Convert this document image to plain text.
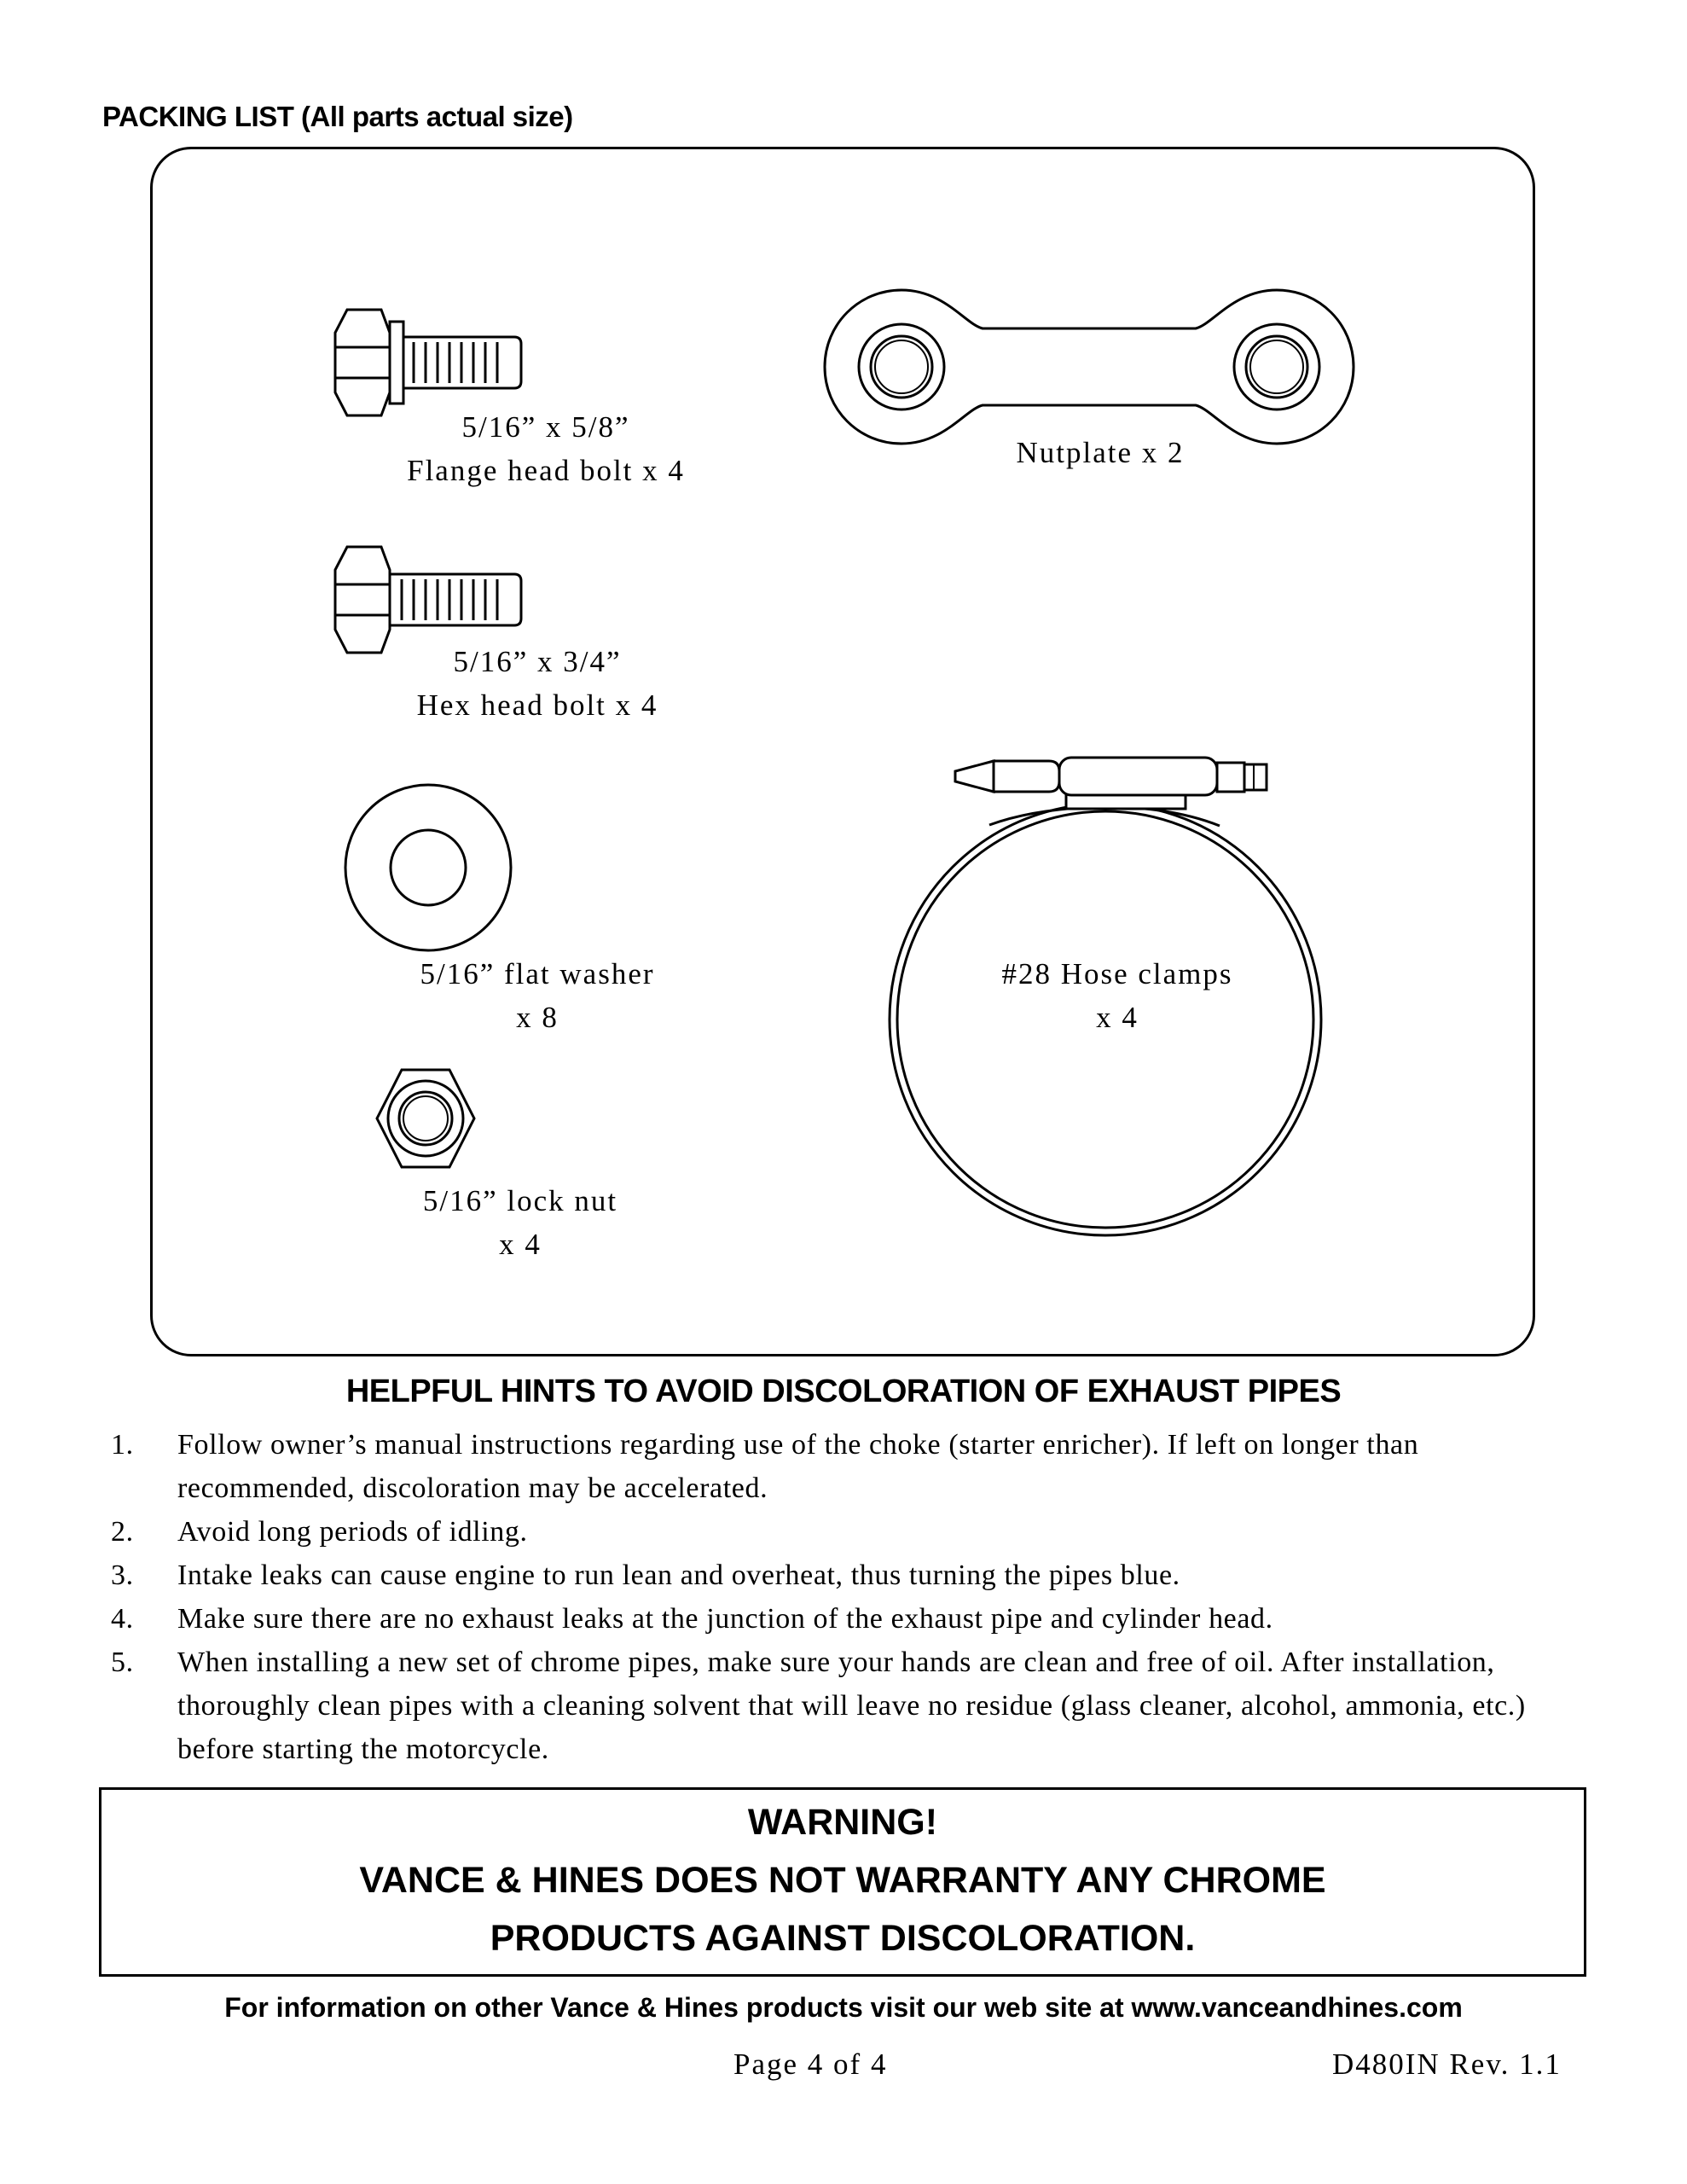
PACKING LIST (All parts actual size)
5/16” x 5/8”
Flange head bolt x 4
5/16” x 3/4”
Hex head bolt x 4
5/16” flat washer
x 8
5/16” lock nut
x 4
Nutplate x 2
#28 Hose clamps
x 4
HELPFUL HINTS TO AVOID DISCOLORATION OF EXHAUST PIPES
1.	Follow owner’s manual instructions regarding use of the choke (starter enricher). If left on longer than recommended, discoloration may be accelerated.
2.	Avoid long periods of idling.
3.	Intake leaks can cause engine to run lean and overheat, thus turning the pipes blue.
4.	Make sure there are no exhaust leaks at the junction of the exhaust pipe and cylinder head.
5.	When installing a new set of chrome pipes, make sure your hands are clean and free of oil. After installation, thoroughly clean pipes with a cleaning solvent that will leave no residue (glass cleaner, alcohol, ammonia, etc.) before starting the motorcycle.
WARNING!
VANCE & HINES DOES NOT WARRANTY ANY CHROME
PRODUCTS AGAINST DISCOLORATION.
For information on other Vance & Hines products visit our web site at www.vanceandhines.com
Page 4 of 4	D480IN Rev. 1.1
